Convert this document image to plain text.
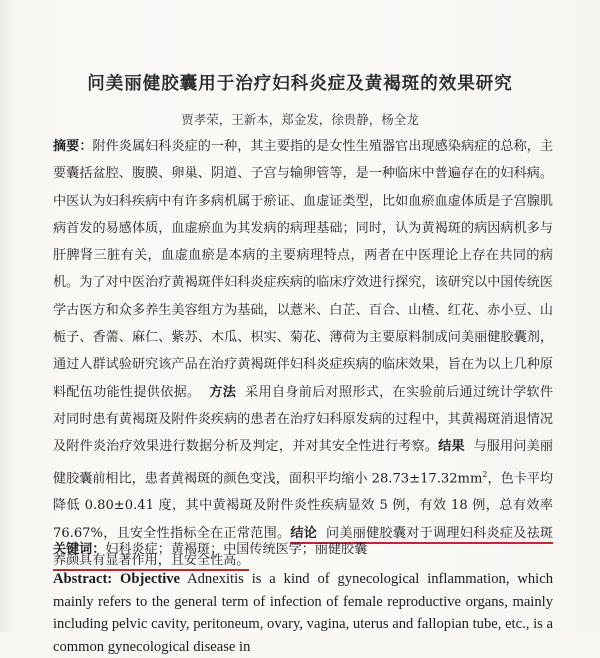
问美丽健胶囊用于治疗妇科炎症及黄褐斑的效果研究
贾孝荣，王新本，郑金发，徐贵静，杨全龙
摘要：附件炎属妇科炎症的一种，其主要指的是女性生殖器官出现感染病症的总称，主要囊括盆腔、腹膜、卵巢、阴道、子宫与输卵管等，是一种临床中普遍存在的妇科病。中医认为妇科疾病中有许多病机属于瘀证、血虚证类型，比如血瘀血虚体质是子宫腺肌病首发的易感体质，血虚瘀血为其发病的病理基础；同时，认为黄褐斑的病因病机多与肝脾肾三脏有关，血虚血瘀是本病的主要病理特点，两者在中医理论上存在共同的病机。为了对中医治疗黄褐斑伴妇科炎症疾病的临床疗效进行探究，该研究以中国传统医学古医方和众多养生美容组方为基础，以薏米、白芷、百合、山楂、红花、赤小豆、山栀子、香薷、麻仁、紫苏、木瓜、枳实、菊花、薄荷为主要原料制成问美丽健胶囊剂，通过人群试验研究该产品在治疗黄褐斑伴妇科炎症疾病的临床效果，旨在为以上几种原料配伍功能性提供依据。 方法 采用自身前后对照形式，在实验前后通过统计学软件对同时患有黄褐斑及附件炎疾病的患者在治疗妇科原发病的过程中，其黄褐斑消退情况及附件炎治疗效果进行数据分析及判定，并对其安全性进行考察。结果 与服用问美丽健胶囊前相比，患者黄褐斑的颜色变浅，面积平均缩小 $28.73\pm 17.32mm^2$，色卡平均降低 0.80±0.41 度，其中黄褐斑及附件炎性疾病显效 5 例，有效 18 例，总有效率 76.67%，且安全性指标全在正常范围。结论 问美丽健胶囊对于调理妇科炎症及祛斑养颜具有显著作用，且安全性高。
关键词：妇科炎症；黄褐斑；中国传统医学；丽健胶囊
Abstract: Objective Adnexitis is a kind of gynecological inflammation, which mainly refers to the general term of infection of female reproductive organs, mainly including pelvic cavity, peritoneum, ovary, vagina, uterus and fallopian tube, etc., is a common gynecological disease in
